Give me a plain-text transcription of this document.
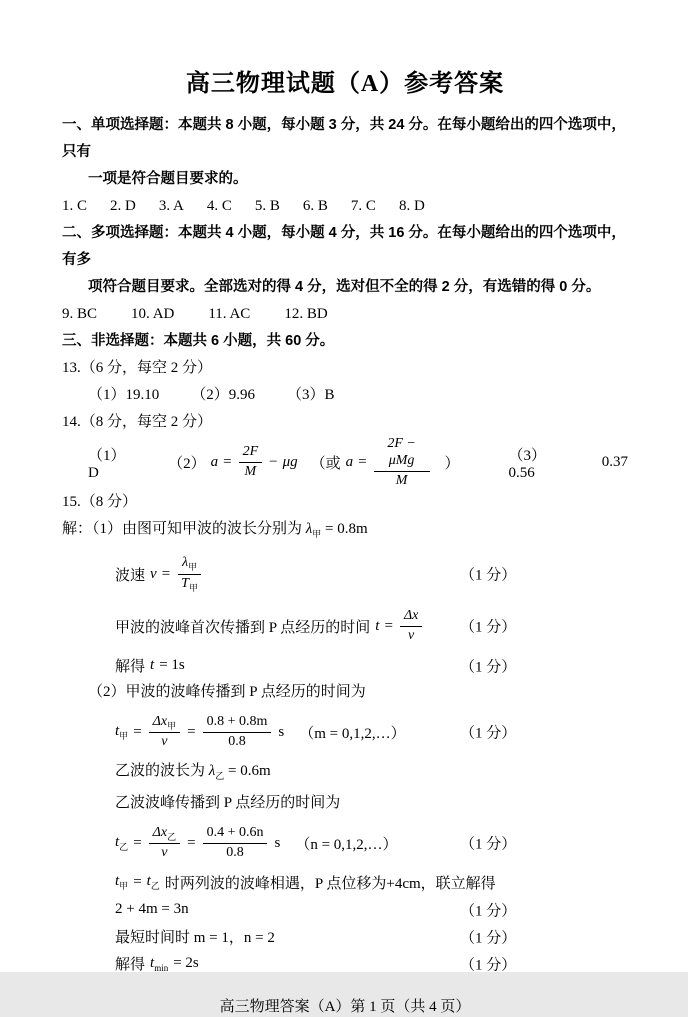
高三物理试题（A）参考答案
一、单项选择题：本题共 8 小题，每小题 3 分，共 24 分。在每小题给出的四个选项中，只有
一项是符合题目要求的。
1. C 2. D 3. A 4. C 5. B 6. B 7. C 8. D
二、多项选择题：本题共 4 小题，每小题 4 分，共 16 分。在每小题给出的四个选项中，有多
项符合题目要求。全部选对的得 4 分，选对但不全的得 2 分，有选错的得 0 分。
9. BC 10. AD 11. AC 12. BD
三、非选择题：本题共 6 小题，共 60 分。
13.（6 分，每空 2 分）
（1）19.10 （2）9.96 （3）B
14.（8 分，每空 2 分）
（1）D
（2） $a = \frac{2F}{M} - \mu g$ （或 $a = \frac{\text{2F − μMg}}{M}$ ）
（3）0.56
0.37
15.（8 分）
解：（1）由图可知甲波的波长分别为 $\lambda_甲 = 0.8m$
波速 $v = \frac{\lambda_甲}{T_甲}$	（1 分）
甲波的波峰首次传播到 P 点经历的时间 $t = \frac{\Delta x}{v}$	（1 分）
解得 t = 1s	（1 分）
（2）甲波的波峰传播到 P 点经历的时间为
$t_甲 = \frac{\Delta x_甲}{v} = \frac{0.8 + 0.8m}{0.8}$ s （m = 0,1,2,…）	（1 分）
乙波的波长为 $\lambda_乙 = 0.6m$
乙波波峰传播到 P 点经历的时间为
$t_乙 = \frac{\Delta x_乙}{v} = \frac{0.4 + 0.6n}{0.8}$ s （n = 0,1,2,…）	（1 分）
$t_甲 = t_乙$ 时两列波的波峰相遇，P 点位移为+4cm，联立解得
2 + 4m = 3n	（1 分）
最短时间时 m = 1，n = 2	（1 分）
解得 $t_{min} = 2s$	（1 分）
高三物理答案（A）第 1 页（共 4 页）
